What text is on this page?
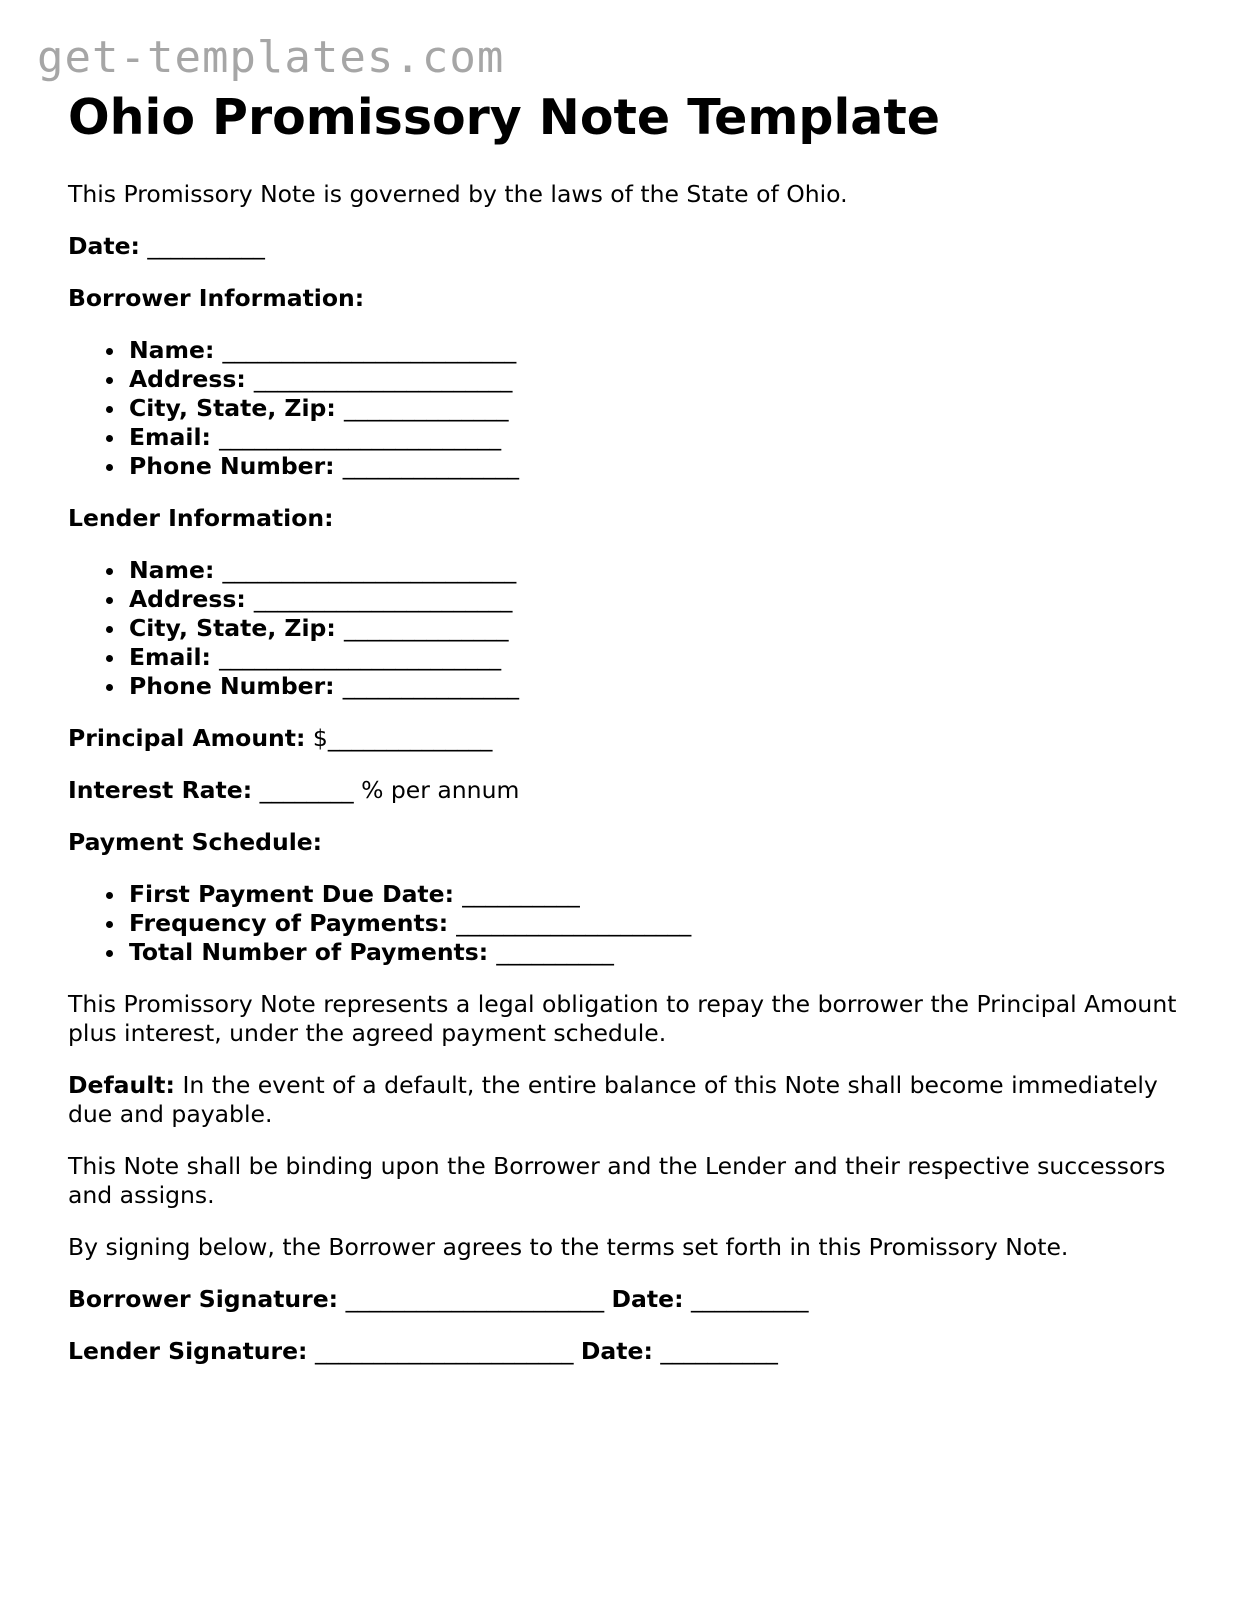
get-templates.com
Ohio Promissory Note Template

This Promissory Note is governed by the laws of the State of Ohio.

Date: __________

Borrower Information:

Name: _________________________
Address: ______________________
City, State, Zip: ______________
Email: ________________________
Phone Number: _______________

Lender Information:

Name: _________________________
Address: ______________________
City, State, Zip: ______________
Email: ________________________
Phone Number: _______________

Principal Amount: $______________

Interest Rate: ________ % per annum

Payment Schedule:

First Payment Due Date: __________
Frequency of Payments: ____________________
Total Number of Payments: __________

This Promissory Note represents a legal obligation to repay the borrower the Principal Amount plus interest, under the agreed payment schedule.

Default: In the event of a default, the entire balance of this Note shall become immediately due and payable.

This Note shall be binding upon the Borrower and the Lender and their respective successors and assigns.

By signing below, the Borrower agrees to the terms set forth in this Promissory Note.

Borrower Signature: ______________________ Date: __________

Lender Signature: ______________________ Date: __________
